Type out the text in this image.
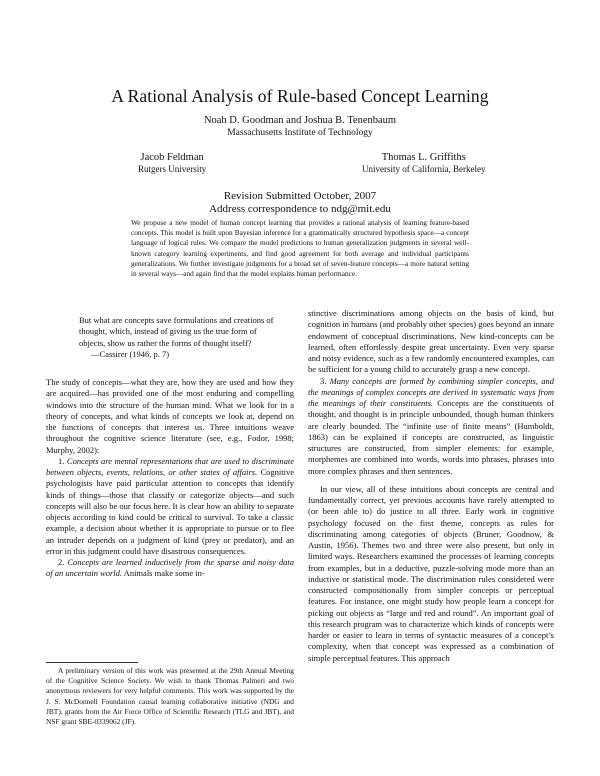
A Rational Analysis of Rule-based Concept Learning
Noah D. Goodman and Joshua B. Tenenbaum
Massachusetts Institute of Technology
Jacob Feldman
Rutgers University
Thomas L. Griffiths
University of California, Berkeley
Revision Submitted October, 2007
Address correspondence to ndg@mit.edu
We propose a new model of human concept learning that provides a rational analysis of learning feature-based concepts. This model is built upon Bayesian inference for a grammatically structured hypothesis space—a concept language of logical rules. We compare the model predictions to human generalization judgments in several well-known category learning experiments, and find good agreement for both average and individual participants generalizations. We further investigate judgments for a broad set of seven-feature concepts—a more natural setting in several ways—and again find that the model explains human performance.
But what are concepts save formulations and creations of thought, which, instead of giving us the true form of objects, show us rather the forms of thought itself?
—Cassirer (1946, p. 7)

The study of concepts—what they are, how they are used and how they are acquired—has provided one of the most enduring and compelling windows into the structure of the human mind. What we look for in a theory of concepts, and what kinds of concepts we look at, depend on the functions of concepts that interest us. Three intuitions weave throughout the cognitive science literature (see, e.g., Fodor, 1998; Murphy, 2002):

1. Concepts are mental representations that are used to discriminate between objects, events, relations, or other states of affairs. Cognitive psychologists have paid particular attention to concepts that identify kinds of things—those that classify or categorize objects—and such concepts will also be our focus here. It is clear how an ability to separate objects according to kind could be critical to survival. To take a classic example, a decision about whether it is appropriate to pursue or to flee an intruder depends on a judgment of kind (prey or predator), and an error in this judgment could have disastrous consequences.

2. Concepts are learned inductively from the sparse and noisy data of an uncertain world. Animals make some in-

A preliminary version of this work was presented at the 29th Annual Meeting of the Cognitive Science Society. We wish to thank Thomas Palmeri and two anonymous reviewers for very helpful comments. This work was supported by the J. S. McDonnell Foundation causal learning collaborative initiative (NDG and JBT), grants from the Air Force Office of Scientific Research (TLG and JBT), and NSF grant SBE-0339062 (JF).

stinctive discriminations among objects on the basis of kind, but cognition in humans (and probably other species) goes beyond an innate endowment of conceptual discriminations. New kind-concepts can be learned, often effortlessly despite great uncertainty. Even very sparse and noisy evidence, such as a few randomly encountered examples, can be sufficient for a young child to accurately grasp a new concept.

3. Many concepts are formed by combining simpler concepts, and the meanings of complex concepts are derived in systematic ways from the meanings of their constituents. Concepts are the constituents of thought, and thought is in principle unbounded, though human thinkers are clearly bounded. The “infinite use of finite means” (Humboldt, 1863) can be explained if concepts are constructed, as linguistic structures are constructed, from simpler elements: for example, morphemes are combined into words, words into phrases, phrases into more complex phrases and then sentences.

In our view, all of these intuitions about concepts are central and fundamentally correct, yet previous accounts have rarely attempted to (or been able to) do justice to all three. Early work in cognitive psychology focused on the first theme, concepts as rules for discriminating among categories of objects (Bruner, Goodnow, & Austin, 1956). Themes two and three were also present, but only in limited ways. Researchers examined the processes of learning concepts from examples, but in a deductive, puzzle-solving mode more than an inductive or statistical mode. The discrimination rules considered were constructed compositionally from simpler concepts or perceptual features. For instance, one might study how people learn a concept for picking out objects as “large and red and round”. An important goal of this research program was to characterize which kinds of concepts were harder or easier to learn in terms of syntactic measures of a concept’s complexity, when that concept was expressed as a combination of simple perceptual features. This approach
